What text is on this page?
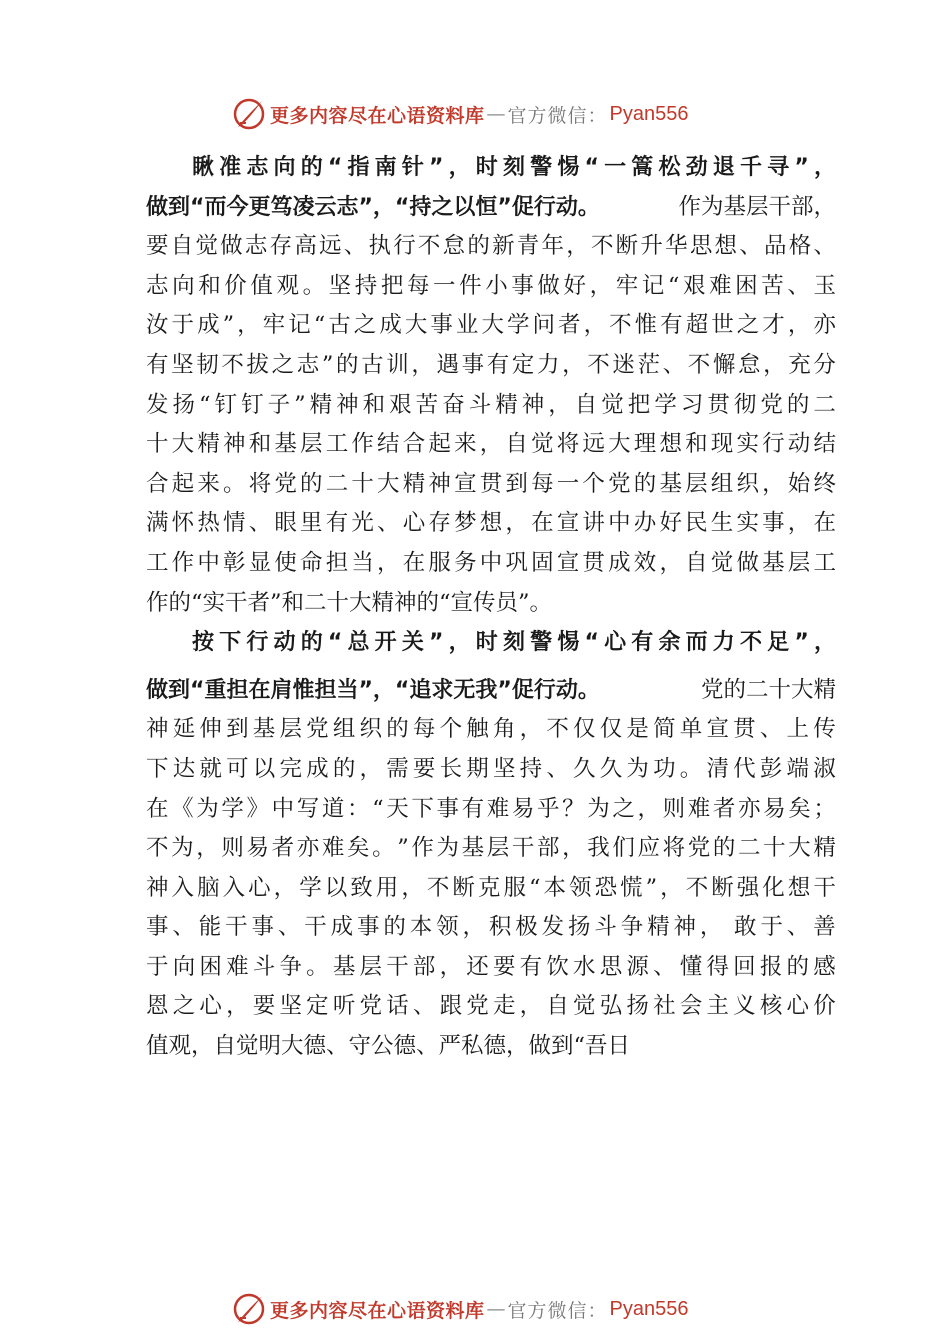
更多内容尽在心语资料库 — 官方微信： Pyan556
瞅 准 志 向 的 “ 指 南 针 ” ， 时 刻 警 惕 “ 一 篙 松 劲 退 千 寻 ” ，
做到“而今更笃凌云志”，“持之以恒”促行动。	作为基层干部，
要 自 觉 做 志 存 高 远 、 执 行 不 怠 的 新 青 年 ， 不 断 升 华 思 想 、 品 格 、
志 向 和 价 值 观 。 坚 持 把 每 一 件 小 事 做 好 ， 牢 记 “ 艰 难 困 苦 、 玉
汝 于 成 ” ， 牢 记 “ 古 之 成 大 事 业 大 学 问 者 ， 不 惟 有 超 世 之 才 ， 亦
有 坚 韧 不 拔 之 志 ” 的 古 训 ， 遇 事 有 定 力 ， 不 迷 茫 、 不 懈 怠 ， 充 分
发 扬 “ 钉 钉 子 ” 精 神 和 艰 苦 奋 斗 精 神 ， 自 觉 把 学 习 贯 彻 党 的 二
十 大 精 神 和 基 层 工 作 结 合 起 来 ， 自 觉 将 远 大 理 想 和 现 实 行 动 结
合 起 来 。 将 党 的 二 十 大 精 神 宣 贯 到 每 一 个 党 的 基 层 组 织 ， 始 终
满 怀 热 情 、 眼 里 有 光 、 心 存 梦 想 ， 在 宣 讲 中 办 好 民 生 实 事 ， 在
工 作 中 彰 显 使 命 担 当 ， 在 服 务 中 巩 固 宣 贯 成 效 ， 自 觉 做 基 层 工
作的“实干者”和二十大精神的“宣传员”。
按 下 行 动 的 “ 总 开 关 ” ， 时 刻 警 惕 “ 心 有 余 而 力 不 足 ” ，
做到“重担在肩惟担当”，“追求无我”促行动。	党的二十大精
神 延 伸 到 基 层 党 组 织 的 每 个 触 角 ， 不 仅 仅 是 简 单 宣 贯 、 上 传
下 达 就 可 以 完 成 的 ， 需 要 长 期 坚 持 、 久 久 为 功 。 清 代 彭 端 淑
在 《 为 学 》 中 写 道 ： “ 天 下 事 有 难 易 乎 ？ 为 之 ， 则 难 者 亦 易 矣 ；
不 为 ， 则 易 者 亦 难 矣 。 ” 作 为 基 层 干 部 ， 我 们 应 将 党 的 二 十 大 精
神 入 脑 入 心 ， 学 以 致 用 ， 不 断 克 服 “ 本 领 恐 慌 ” ， 不 断 强 化 想 干
事 、 能 干 事 、 干 成 事 的 本 领 ， 积 极 发 扬 斗 争 精 神 ， 敢 于 、 善
于 向 困 难 斗 争 。 基 层 干 部 ， 还 要 有 饮 水 思 源 、 懂 得 回 报 的 感
恩 之 心 ， 要 坚 定 听 党 话 、 跟 党 走 ， 自 觉 弘 扬 社 会 主 义 核 心 价
值观，自觉明大德、守公德、严私德，做到“吾日
更多内容尽在心语资料库 — 官方微信： Pyan556
